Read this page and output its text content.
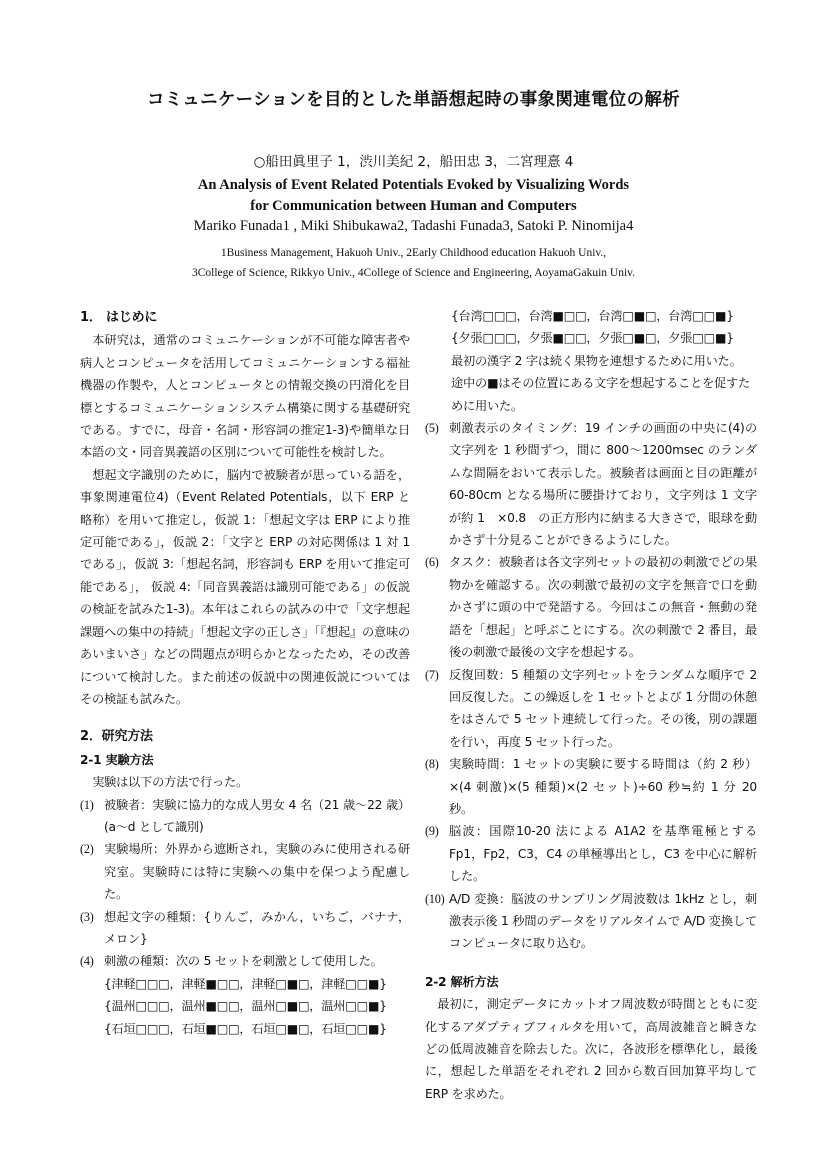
コミュニケーションを目的とした単語想起時の事象関連電位の解析
○船田眞里子 1，渋川美紀 2，船田忠 3，二宮理憙 4
An Analysis of Event Related Potentials Evoked by Visualizing Words
for Communication between Human and Computers
Mariko Funada1 , Miki Shibukawa2, Tadashi Funada3, Satoki P. Ninomija4
1Business Management, Hakuoh Univ., 2Early Childhood education Hakuoh Univ.,
3College of Science, Rikkyo Univ., 4College of Science and Engineering, AoyamaGakuin Univ.

1． はじめに

本研究は，通常のコミュニケーションが不可能な障害者や病人とコンピュータを活用してコミュニケーションする福祉機器の作製や，人とコンピュータとの情報交換の円滑化を目標とするコミュニケーションシステム構築に関する基礎研究である。すでに，母音・名詞・形容詞の推定1-3)や簡単な日本語の文・同音異義語の区別について可能性を検討した。

想起文字識別のために，脳内で被験者が思っている語を，事象関連電位4)（Event Related Potentials，以下 ERP と略称）を用いて推定し，仮説 1：「想起文字は ERP により推定可能である」，仮説 2：「文字と ERP の対応関係は 1 対 1 である」，仮説 3:「想起名詞，形容詞も ERP を用いて推定可能である」， 仮説 4:「同音異義語は識別可能である」の仮説の検証を試みた1-3)。本年はこれらの試みの中で「文字想起課題への集中の持続」「想起文字の正しさ」「『想起』の意味のあいまいさ」などの問題点が明らかとなったため，その改善について検討した。また前述の仮説中の関連仮説についてはその検証も試みた。

2．研究方法

2-1 実験方法

実験は以下の方法で行った。

(1) 被験者：実験に協力的な成人男女 4 名（21 歳～22 歳）(a～d として識別)
(2) 実験場所：外界から遮断され，実験のみに使用される研究室。実験時には特に実験への集中を保つよう配慮した。
(3) 想起文字の種類：{りんご，みかん，いちご，バナナ，メロン}
(4) 刺激の種類：次の 5 セットを刺激として使用した。
{津軽□□□，津軽■□□，津軽□■□，津軽□□■}
{温州□□□，温州■□□，温州□■□，温州□□■}
{石垣□□□，石垣■□□，石垣□■□，石垣□□■}
{台湾□□□，台湾■□□，台湾□■□，台湾□□■}
{夕張□□□，夕張■□□，夕張□■□，夕張□□■}
最初の漢字 2 字は続く果物を連想するために用いた。
途中の■はその位置にある文字を想起することを促すために用いた。
(5) 刺激表示のタイミング：19 インチの画面の中央に(4)の文字列を 1 秒間ずつ，間に 800～1200msec のランダムな間隔をおいて表示した。被験者は画面と目の距離が 60-80cm となる場所に腰掛けており，文字列は 1 文字が約 1　×0.8　の正方形内に納まる大きさで，眼球を動かさず十分見ることができるようにした。
(6) タスク：被験者は各文字列セットの最初の刺激でどの果物かを確認する。次の刺激で最初の文字を無音で口を動かさずに頭の中で発語する。今回はこの無音・無動の発語を「想起」と呼ぶことにする。次の刺激で 2 番目，最後の刺激で最後の文字を想起する。
(7) 反復回数：5 種類の文字列セットをランダムな順序で 2 回反復した。この繰返しを 1 セットとよび 1 分間の休憩をはさんで 5 セット連続して行った。その後，別の課題を行い，再度 5 セット行った。
(8) 実験時間：1 セットの実験に要する時間は（約 2 秒）×(4 刺激)×(5 種類)×(2 セット)÷60 秒≒約 1 分 20 秒。
(9) 脳波：国際10-20 法による A1A2 を基準電極とする Fp1，Fp2，C3，C4 の単極導出とし，C3 を中心に解析した。
(10) A/D 変換：脳波のサンプリング周波数は 1kHz とし，刺激表示後 1 秒間のデータをリアルタイムで A/D 変換してコンピュータに取り込む。

2-2 解析方法

最初に，測定データにカットオフ周波数が時間とともに変化するアダプティブフィルタを用いて，高周波雑音と瞬きなどの低周波雑音を除去した。次に，各波形を標準化し，最後に，想起した単語をそれぞれ 2 回から数百回加算平均して ERP を求めた。
